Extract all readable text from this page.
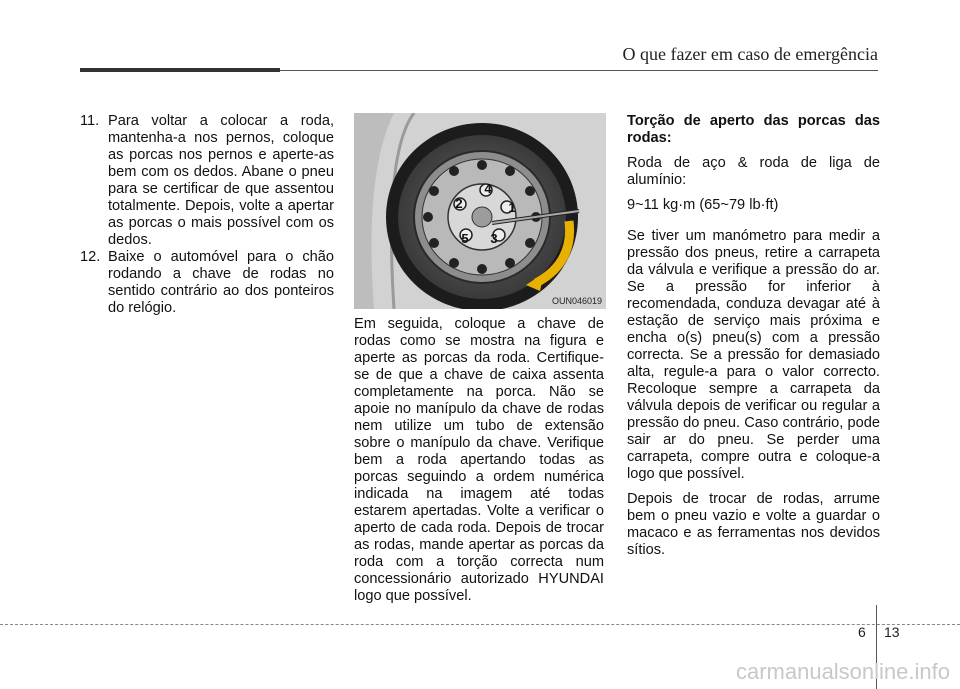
O que fazer em caso de emergência
11. Para voltar a colocar a roda, mantenha-a nos pernos, coloque as porcas nos pernos e aperte-as bem com os dedos. Abane o pneu para se certificar de que assentou totalmente. Depois, volte a apertar as porcas o mais possível com os dedos.
12. Baixe o automóvel para o chão rodando a chave de rodas no sentido contrário ao dos ponteiros do relógio.
1
2
3
4
5
OUN046019

Em seguida, coloque a chave de rodas como se mostra na figura e aperte as porcas da roda. Certifique-se de que a chave de caixa assenta completamente na porca. Não se apoie no manípulo da chave de rodas nem utilize um tubo de extensão sobre o manípulo da chave. Verifique bem a roda apertando todas as porcas seguindo a ordem numérica indicada na imagem até todas estarem apertadas. Volte a verificar o aperto de cada roda. Depois de trocar as rodas, mande apertar as porcas da roda com a torção correcta num concessionário autorizado HYUNDAI logo que possível.

Torção de aperto das porcas das rodas:

Roda de aço & roda de liga de alumínio:

9~11 kg·m (65~79 lb·ft)

Se tiver um manómetro para medir a pressão dos pneus, retire a carrapeta da válvula e verifique a pressão do ar. Se a pressão for inferior à recomendada, conduza devagar até à estação de serviço mais próxima e encha o(s) pneu(s) com a pressão correcta. Se a pressão for demasiado alta, regule-a para o valor correcto. Recoloque sempre a carrapeta da válvula depois de verificar ou regular a pressão do pneu. Caso contrário, pode sair ar do pneu. Se perder uma carrapeta, compre outra e coloque-a logo que possível.

Depois de trocar de rodas, arrume bem o pneu vazio e volte a guardar o macaco e as ferramentas nos devidos sítios.

6 13
carmanualsonline.info
